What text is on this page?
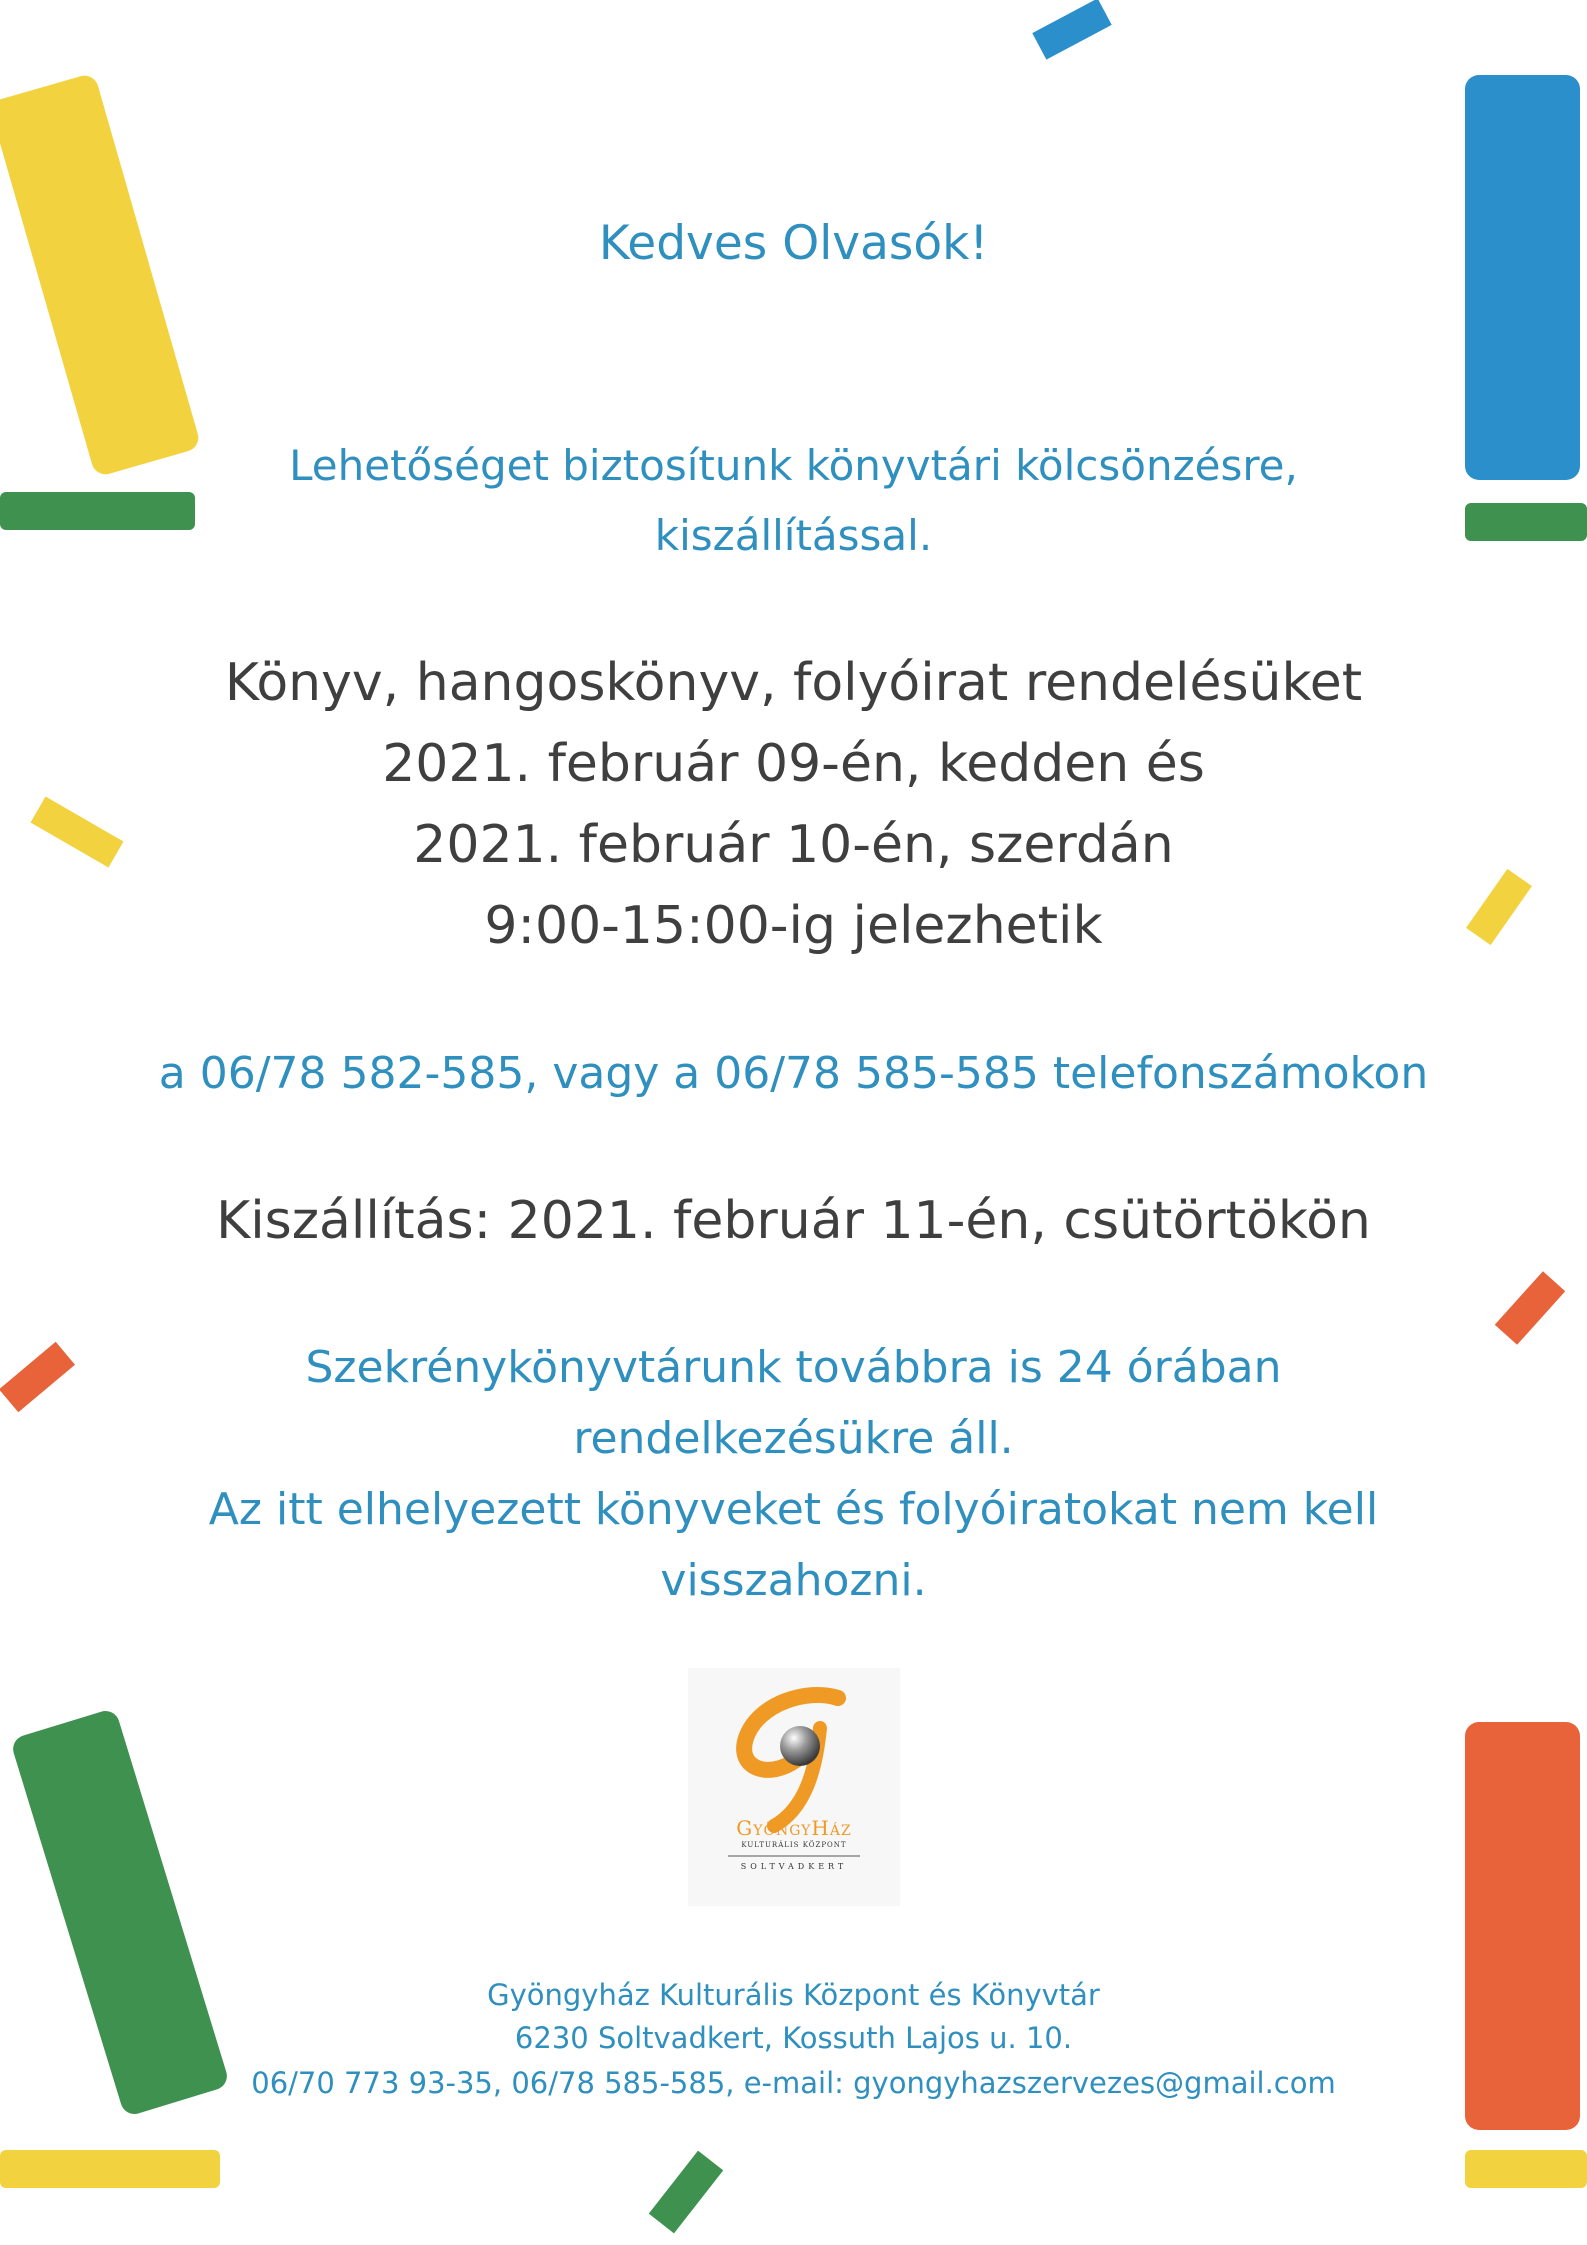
Kedves Olvasók!

Lehetőséget biztosítunk könyvtári kölcsönzésre,

kiszállítással.

Könyv, hangoskönyv, folyóirat rendelésüket

2021. február 09-én, kedden és

2021. február 10-én, szerdán

9:00-15:00-ig jelezhetik

a 06/78 582-585, vagy a 06/78 585-585 telefonszámokon

Kiszállítás: 2021. február 11-én, csütörtökön

Szekrénykönyvtárunk továbbra is 24 órában

rendelkezésükre áll.

Az itt elhelyezett könyveket és folyóiratokat nem kell

visszahozni.

GyöngyHáz

KULTURÁLIS KÖZPONT

SOLTVADKERT

Gyöngyház Kulturális Központ és Könyvtár

6230 Soltvadkert, Kossuth Lajos u. 10.

06/70 773 93-35, 06/78 585-585, e-mail: gyongyhazszervezes@gmail.com
